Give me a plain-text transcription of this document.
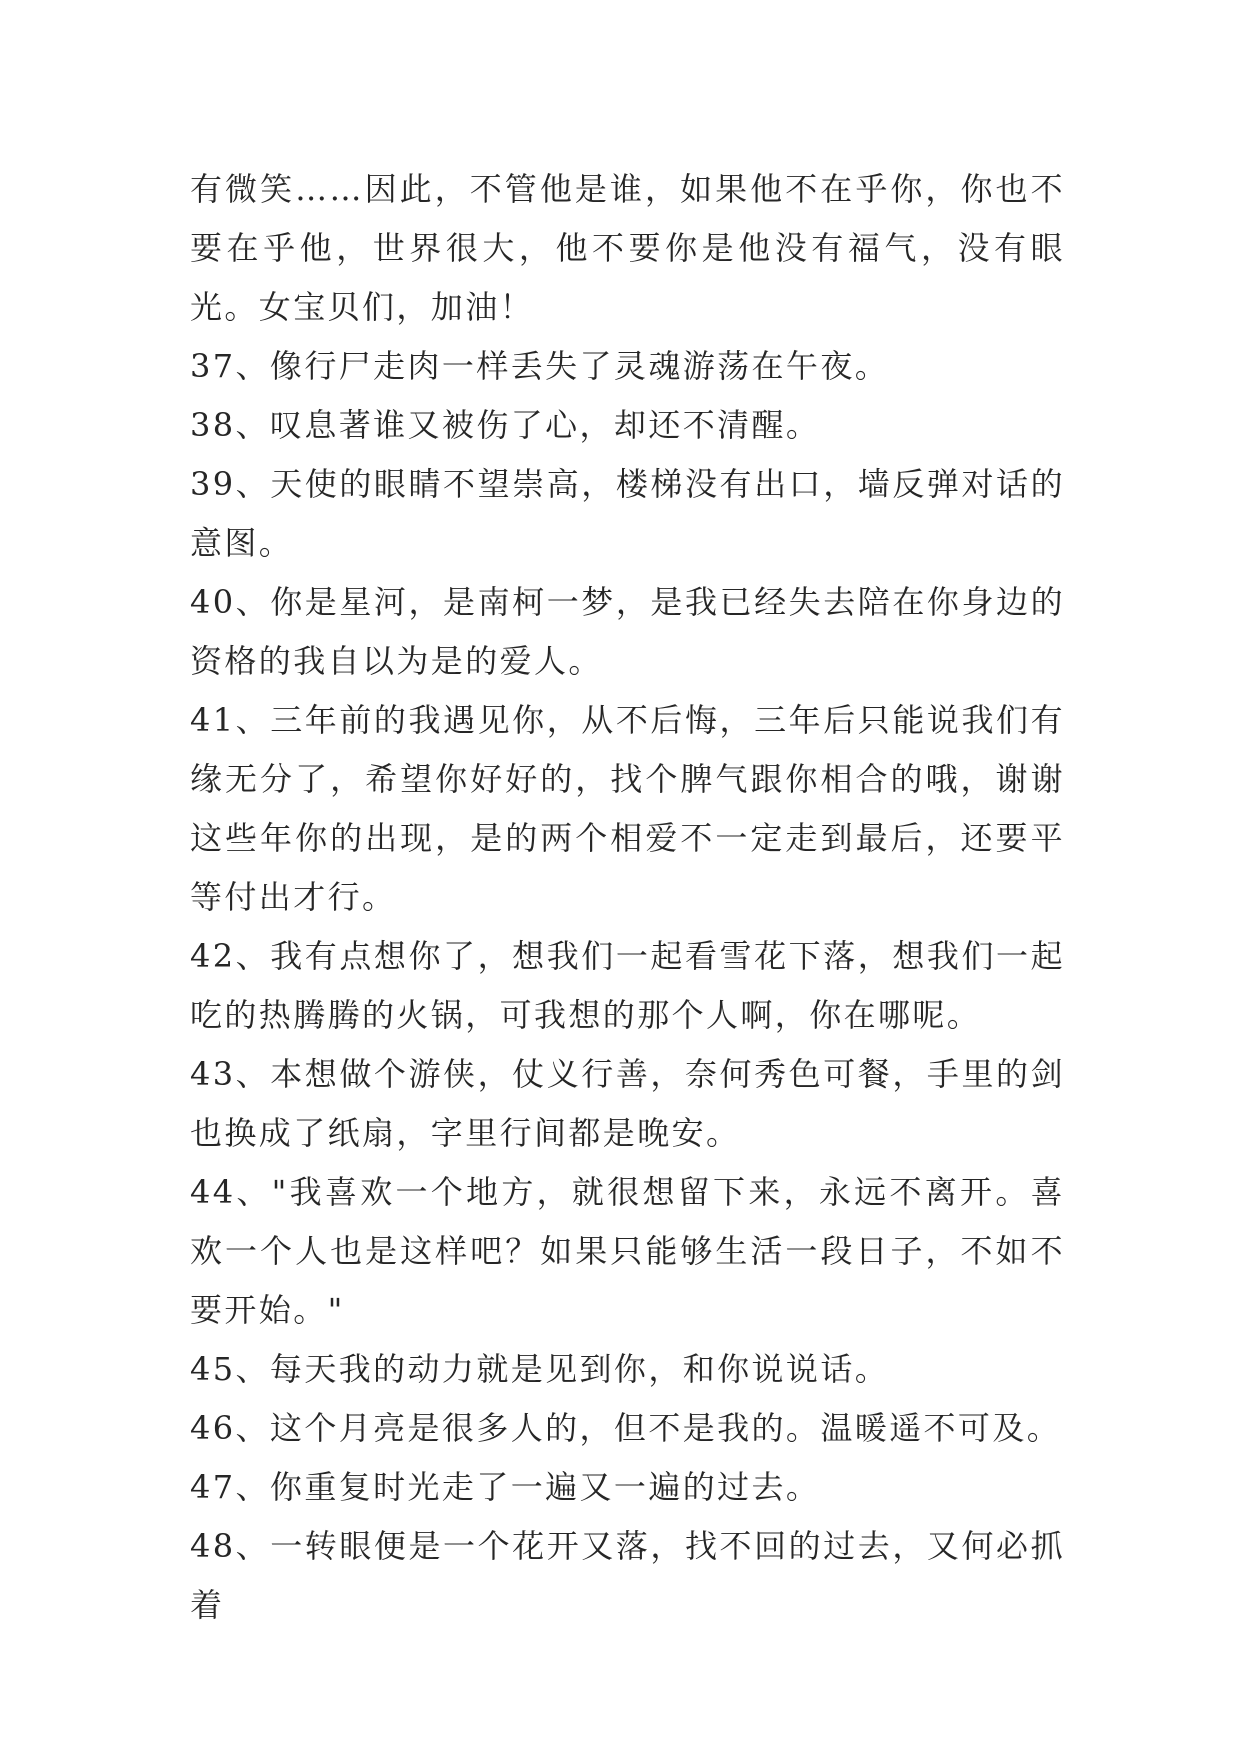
有微笑……因此，不管他是谁，如果他不在乎你，你也不要在乎他，世界很大，他不要你是他没有福气，没有眼光。女宝贝们，加油！

37、像行尸走肉一样丢失了灵魂游荡在午夜。

38、叹息著谁又被伤了心，却还不清醒。

39、天使的眼睛不望崇高，楼梯没有出口，墙反弹对话的意图。

40、你是星河，是南柯一梦，是我已经失去陪在你身边的资格的我自以为是的爱人。

41、三年前的我遇见你，从不后悔，三年后只能说我们有缘无分了，希望你好好的，找个脾气跟你相合的哦，谢谢这些年你的出现，是的两个相爱不一定走到最后，还要平等付出才行。

42、我有点想你了，想我们一起看雪花下落，想我们一起吃的热腾腾的火锅，可我想的那个人啊，你在哪呢。

43、本想做个游侠，仗义行善，奈何秀色可餐，手里的剑也换成了纸扇，字里行间都是晚安。

44、"我喜欢一个地方，就很想留下来，永远不离开。喜欢一个人也是这样吧？如果只能够生活一段日子，不如不要开始。"

45、每天我的动力就是见到你，和你说说话。

46、这个月亮是很多人的，但不是我的。温暖遥不可及。

47、你重复时光走了一遍又一遍的过去。

48、一转眼便是一个花开又落，找不回的过去，又何必抓着
